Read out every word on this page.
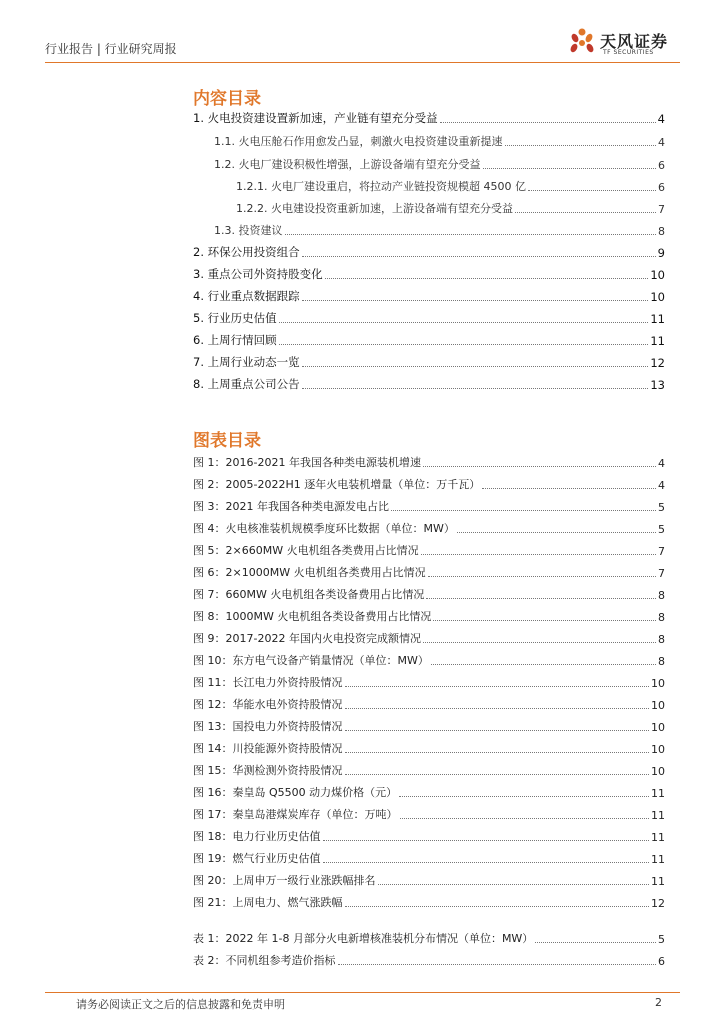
行业报告 | 行业研究周报	天风证券
TF SECURITIES
内容目录
1. 火电投资建设置新加速，产业链有望充分受益	4
1.1. 火电压舱石作用愈发凸显，刺激火电投资建设重新提速	4
1.2. 火电厂建设积极性增强，上游设备端有望充分受益	6
1.2.1. 火电厂建设重启，将拉动产业链投资规模超 4500 亿	6
1.2.2. 火电建设投资重新加速，上游设备端有望充分受益	7
1.3. 投资建议	8
2. 环保公用投资组合	9
3. 重点公司外资持股变化	10
4. 行业重点数据跟踪	10
5. 行业历史估值	11
6. 上周行情回顾	11
7. 上周行业动态一览	12
8. 上周重点公司公告	13
图表目录
图 1：2016-2021 年我国各种类电源装机增速	4
图 2：2005-2022H1 逐年火电装机增量（单位：万千瓦）	4
图 3：2021 年我国各种类电源发电占比	5
图 4：火电核准装机规模季度环比数据（单位：MW）	5
图 5：2×660MW 火电机组各类费用占比情况	7
图 6：2×1000MW 火电机组各类费用占比情况	7
图 7：660MW 火电机组各类设备费用占比情况	8
图 8：1000MW 火电机组各类设备费用占比情况	8
图 9：2017-2022 年国内火电投资完成额情况	8
图 10：东方电气设备产销量情况（单位：MW）	8
图 11：长江电力外资持股情况	10
图 12：华能水电外资持股情况	10
图 13：国投电力外资持股情况	10
图 14：川投能源外资持股情况	10
图 15：华测检测外资持股情况	10
图 16：秦皇岛 Q5500 动力煤价格（元）	11
图 17：秦皇岛港煤炭库存（单位：万吨）	11
图 18：电力行业历史估值	11
图 19：燃气行业历史估值	11
图 20：上周申万一级行业涨跌幅排名	11
图 21：上周电力、燃气涨跌幅	12
表 1：2022 年 1-8 月部分火电新增核准装机分布情况（单位：MW）	5
表 2：不同机组参考造价指标	6
请务必阅读正文之后的信息披露和免责申明	2
